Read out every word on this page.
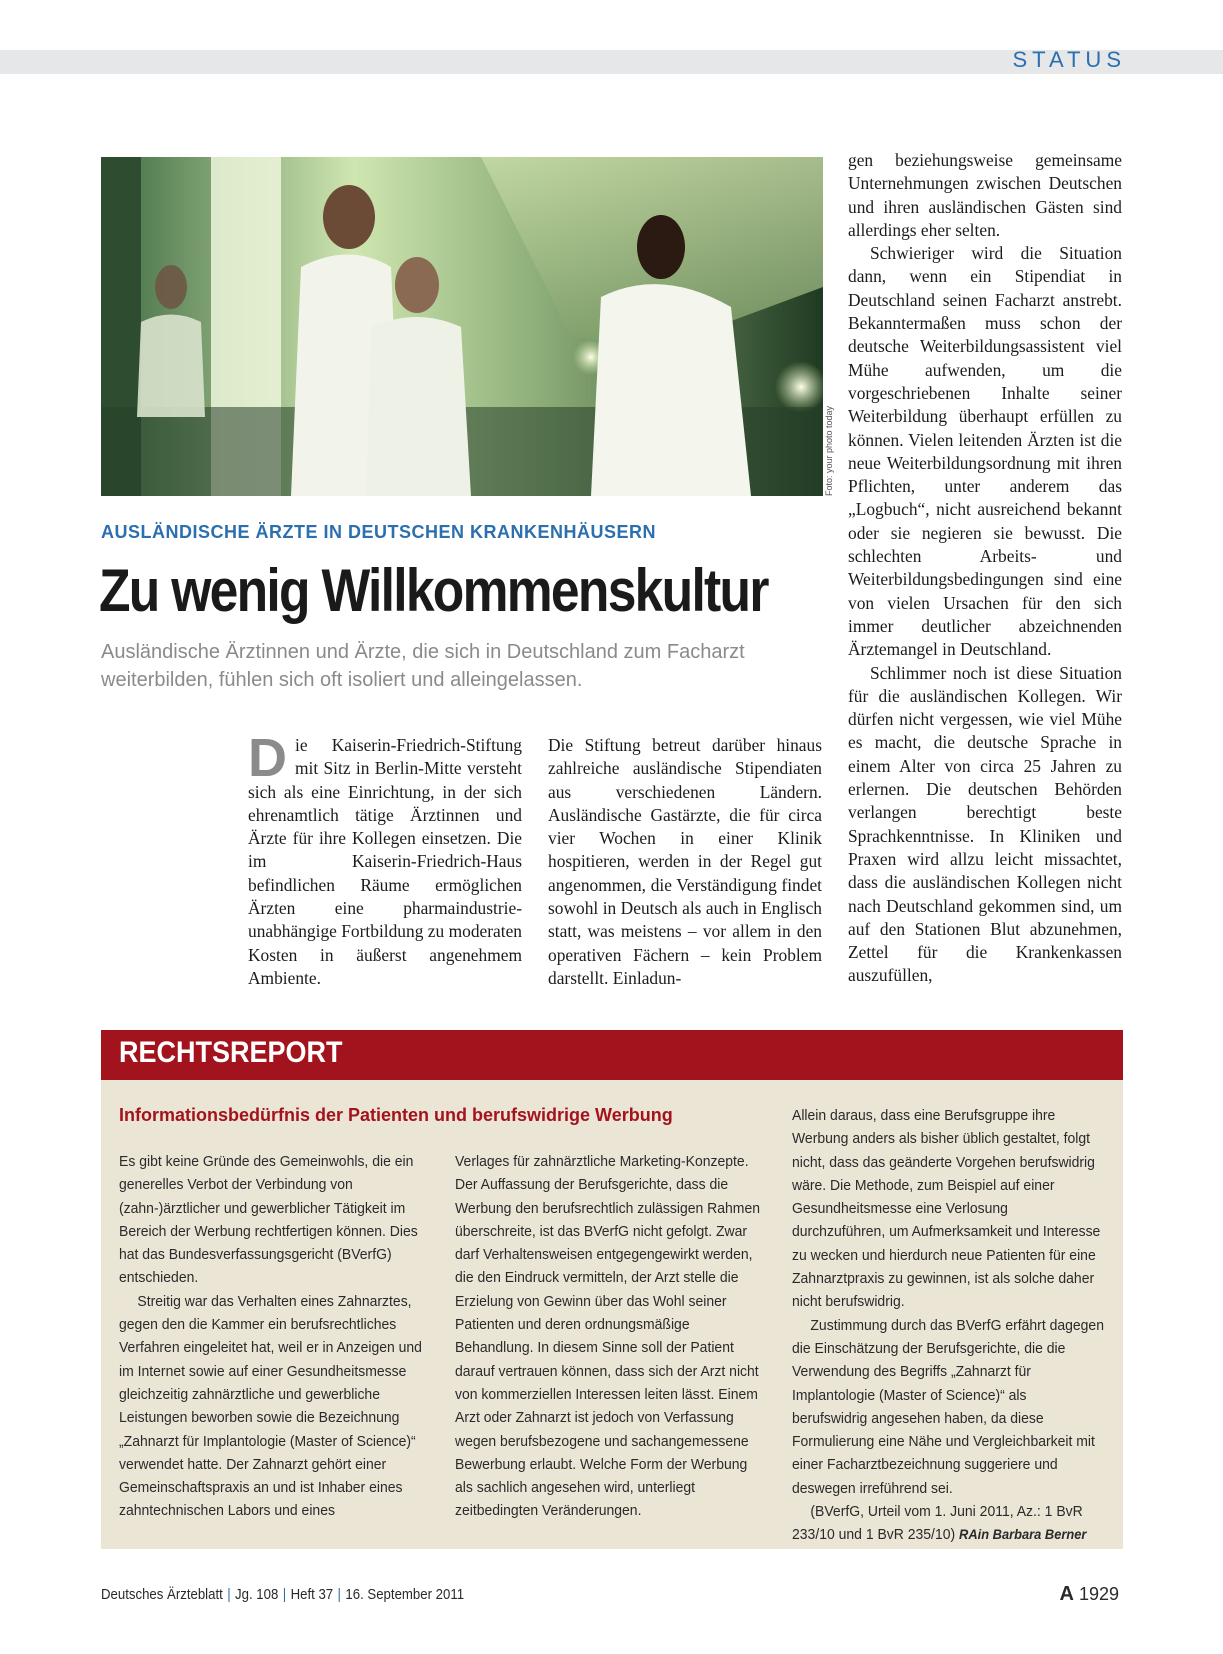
STATUS
Foto: your photo today
AUSLÄNDISCHE ÄRZTE IN DEUTSCHEN KRANKENHÄUSERN
Zu wenig Willkommenskultur
Ausländische Ärztinnen und Ärzte, die sich in Deutschland zum Facharzt weiterbilden, fühlen sich oft isoliert und alleingelassen.

Die Kaiserin-Friedrich-Stiftung mit Sitz in Berlin-Mitte versteht sich als eine Einrichtung, in der sich ehrenamtlich tätige Ärztinnen und Ärzte für ihre Kollegen einsetzen. Die im Kaiserin-Friedrich-Haus befindlichen Räume ermöglichen Ärzten eine pharmaindustrie-unabhängige Fortbildung zu moderaten Kosten in äußerst angenehmem Ambiente.

Die Stiftung betreut darüber hinaus zahlreiche ausländische Stipendiaten aus verschiedenen Ländern. Ausländische Gastärzte, die für circa vier Wochen in einer Klinik hospitieren, werden in der Regel gut angenommen, die Verständigung findet sowohl in Deutsch als auch in Englisch statt, was meistens – vor allem in den operativen Fächern – kein Problem darstellt. Einladun-

gen beziehungsweise gemeinsame Unternehmungen zwischen Deutschen und ihren ausländischen Gästen sind allerdings eher selten.

Schwieriger wird die Situation dann, wenn ein Stipendiat in Deutschland seinen Facharzt anstrebt. Bekanntermaßen muss schon der deutsche Weiterbildungsassistent viel Mühe aufwenden, um die vorgeschriebenen Inhalte seiner Weiterbildung überhaupt erfüllen zu können. Vielen leitenden Ärzten ist die neue Weiterbildungsordnung mit ihren Pflichten, unter anderem das „Logbuch“, nicht ausreichend bekannt oder sie negieren sie bewusst. Die schlechten Arbeits- und Weiterbildungsbedingungen sind eine von vielen Ursachen für den sich immer deutlicher abzeichnenden Ärztemangel in Deutschland.

Schlimmer noch ist diese Situation für die ausländischen Kollegen. Wir dürfen nicht vergessen, wie viel Mühe es macht, die deutsche Sprache in einem Alter von circa 25 Jahren zu erlernen. Die deutschen Behörden verlangen berechtigt beste Sprachkenntnisse. In Kliniken und Praxen wird allzu leicht missachtet, dass die ausländischen Kollegen nicht nach Deutschland gekommen sind, um auf den Stationen Blut abzunehmen, Zettel für die Krankenkassen auszufüllen,

RECHTSREPORT
Informationsbedürfnis der Patienten und berufswidrige Werbung

Es gibt keine Gründe des Gemeinwohls, die ein generelles Verbot der Verbindung von (zahn-)ärztlicher und gewerblicher Tätigkeit im Bereich der Werbung rechtfertigen können. Dies hat das Bundesverfassungsgericht (BVerfG) entschieden.

Streitig war das Verhalten eines Zahnarztes, gegen den die Kammer ein berufsrechtliches Verfahren eingeleitet hat, weil er in Anzeigen und im Internet sowie auf einer Gesundheitsmesse gleichzeitig zahnärztliche und gewerbliche Leistungen beworben sowie die Bezeichnung „Zahnarzt für Implantologie (Master of Science)“ verwendet hatte. Der Zahnarzt gehört einer Gemeinschaftspraxis an und ist Inhaber eines zahntechnischen Labors und eines

Verlages für zahnärztliche Marketing-Konzepte. Der Auffassung der Berufsgerichte, dass die Werbung den berufsrechtlich zulässigen Rahmen überschreite, ist das BVerfG nicht gefolgt. Zwar darf Verhaltensweisen entgegengewirkt werden, die den Eindruck vermitteln, der Arzt stelle die Erzielung von Gewinn über das Wohl seiner Patienten und deren ordnungsmäßige Behandlung. In diesem Sinne soll der Patient darauf vertrauen können, dass sich der Arzt nicht von kommerziellen Interessen leiten lässt. Einem Arzt oder Zahnarzt ist jedoch von Verfassung wegen berufsbezogene und sachangemessene Bewerbung erlaubt. Welche Form der Werbung als sachlich angesehen wird, unterliegt zeitbedingten Veränderungen.

Allein daraus, dass eine Berufsgruppe ihre Werbung anders als bisher üblich gestaltet, folgt nicht, dass das geänderte Vorgehen berufswidrig wäre. Die Methode, zum Beispiel auf einer Gesundheitsmesse eine Verlosung durchzuführen, um Aufmerksamkeit und Interesse zu wecken und hierdurch neue Patienten für eine Zahnarztpraxis zu gewinnen, ist als solche daher nicht berufswidrig.

Zustimmung durch das BVerfG erfährt dagegen die Einschätzung der Berufsgerichte, die die Verwendung des Begriffs „Zahnarzt für Implantologie (Master of Science)“ als berufswidrig angesehen haben, da diese Formulierung eine Nähe und Vergleichbarkeit mit einer Facharztbezeichnung suggeriere und deswegen irreführend sei.

(BVerfG, Urteil vom 1. Juni 2011, Az.: 1 BvR 233/10 und 1 BvR 235/10) RAin Barbara Berner

Deutsches Ärzteblatt | Jg. 108 | Heft 37 | 16. September 2011	A 1929
